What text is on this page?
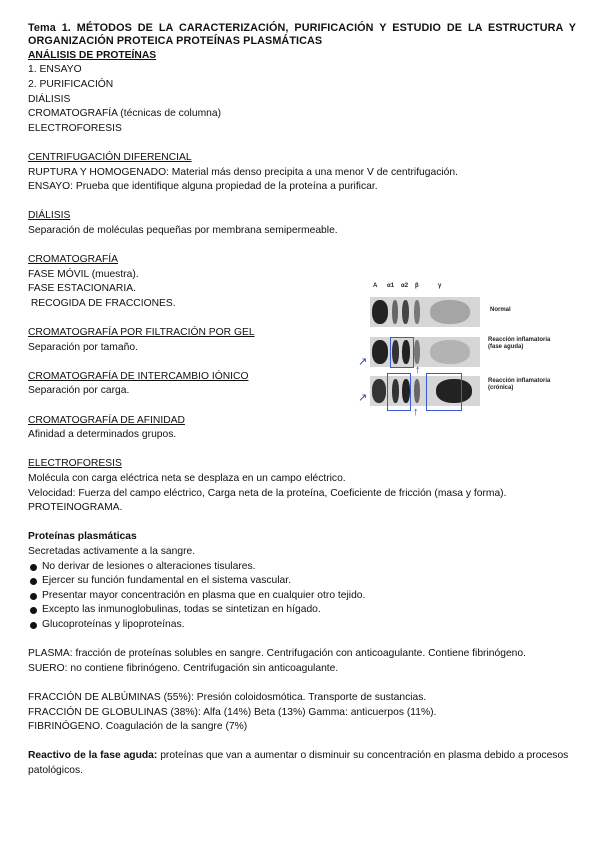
Tema 1. MÉTODOS DE LA CARACTERIZACIÓN, PURIFICACIÓN Y ESTUDIO DE LA ESTRUCTURA Y ORGANIZACIÓN PROTEICA PROTEÍNAS PLASMÁTICAS

ANÁLISIS DE PROTEÍNAS

1. ENSAYO

2. PURIFICACIÓN

DIÁLISIS

CROMATOGRAFÍA (técnicas de columna)

ELECTROFORESIS

CENTRIFUGACIÓN DIFERENCIAL

RUPTURA Y HOMOGENADO: Material más denso precipita a una menor V de centrifugación.

ENSAYO: Prueba que identifique alguna propiedad de la proteína a purificar.

DIÁLISIS

Separación de moléculas pequeñas por membrana semipermeable.

CROMATOGRAFÍA

FASE MÓVIL (muestra).

FASE ESTACIONARIA.

RECOGIDA DE FRACCIONES.

CROMATOGRAFÍA POR FILTRACIÓN POR GEL

Separación por tamaño.

CROMATOGRAFÍA DE INTERCAMBIO IÓNICO

Separación por carga.

CROMATOGRAFÍA DE AFINIDAD

Afinidad a determinados grupos.

ELECTROFORESIS

Molécula con carga eléctrica neta se desplaza en un campo eléctrico.

Velocidad: Fuerza del campo eléctrico, Carga neta de la proteína, Coeficiente de fricción (masa y forma).

PROTEINOGRAMA.

Proteínas plasmáticas

Secretadas activamente a la sangre.

No derivar de lesiones o alteraciones tisulares.
Ejercer su función fundamental en el sistema vascular.
Presentar mayor concentración en plasma que en cualquier otro tejido.
Excepto las inmunoglobulinas, todas se sintetizan en hígado.
Glucoproteínas y lipoproteínas.

PLASMA: fracción de proteínas solubles en sangre. Centrifugación con anticoagulante. Contiene fibrinógeno.

SUERO: no contiene fibrinógeno. Centrifugación sin anticoagulante.

FRACCIÓN DE ALBÚMINAS (55%): Presión coloidosmótica. Transporte de sustancias.

FRACCIÓN DE GLOBULINAS (38%): Alfa (14%) Beta (13%) Gamma: anticuerpos (11%).

FIBRINÓGENO. Coagulación de la sangre (7%)

Reactivo de la fase aguda: proteínas que van a aumentar o disminuir su concentración en plasma debido a procesos patológicos.

A α1 α2 β	γ
Normal
↗
↑
Reacción inflamatoria (fase aguda)
↗
↑
Reacción inflamatoria (crónica)
